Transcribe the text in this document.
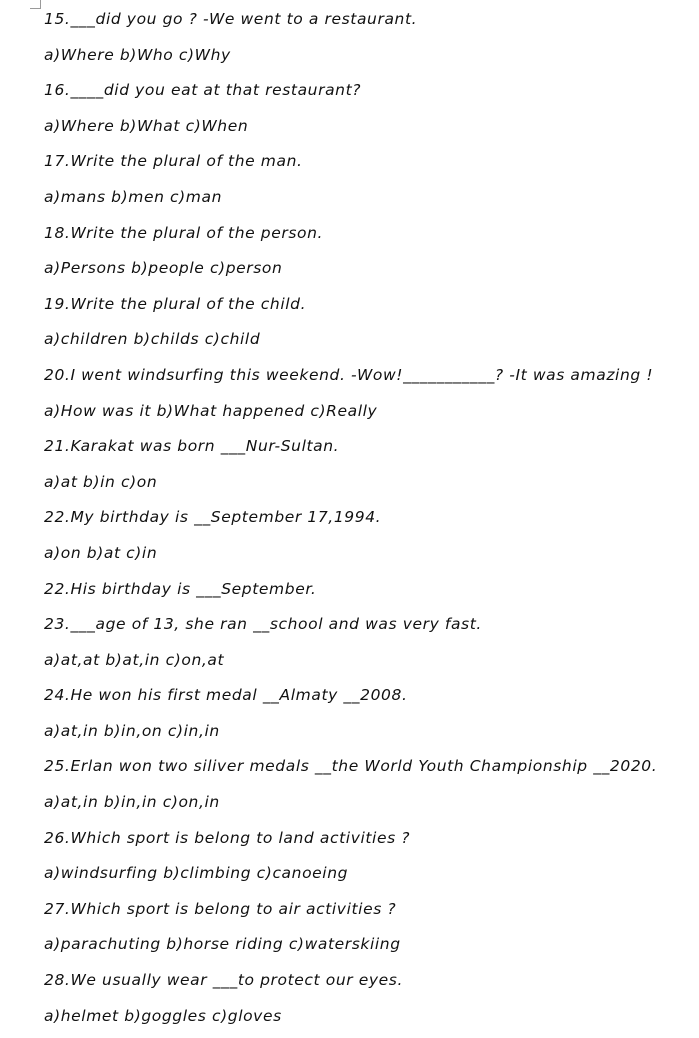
15.___did you go ? -We went to a restaurant.
a)Where b)Who c)Why
16.____did you eat at that restaurant?
a)Where b)What c)When
17.Write the plural of the man.
a)mans b)men c)man
18.Write the plural of the person.
a)Persons b)people c)person
19.Write the plural of the child.
a)children b)childs c)child
20.I went windsurfing this weekend. -Wow!___________? -It was amazing !
a)How was it b)What happened c)Really
21.Karakat was born ___Nur-Sultan.
a)at b)in c)on
22.My birthday is __September 17,1994.
a)on b)at c)in
22.His birthday is ___September.
23.___age of 13, she ran __school and was very fast.
a)at,at b)at,in c)on,at
24.He won his first medal __Almaty __2008.
a)at,in b)in,on c)in,in
25.Erlan won two siliver medals __the World Youth Championship __2020.
a)at,in b)in,in c)on,in
26.Which sport is belong to land activities ?
a)windsurfing b)climbing c)canoeing
27.Which sport is belong to air activities ?
a)parachuting b)horse riding c)waterskiing
28.We usually wear ___to protect our eyes.
a)helmet b)goggles c)gloves
